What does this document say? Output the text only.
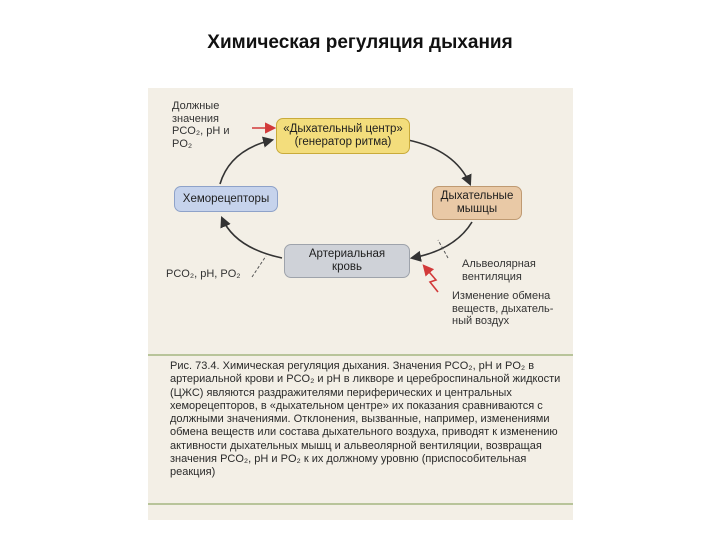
Химическая регуляция дыхания
«Дыхательный центр» (генератор ритма)
Хеморецепторы	Дыхательные мышцы
Артериальная кровь
Должные значения PCO₂, pH и PO₂
PCO₂, pH, PO₂
Альвеолярная вентиляция
Изменение обмена веществ, дыхатель- ный воздух
Рис. 73.4. Химическая регуляция дыхания. Значения PCO₂, pH и PO₂ в артериальной крови и PCO₂ и pH в ликворе и цереброспинальной жидкости (ЦЖС) являются раздражителями периферических и центральных хеморецепторов, в «дыхательном центре» их показания сравниваются с должными значениями. Отклонения, вызванные, например, изменениями обмена веществ или состава дыхательного воздуха, приводят к изменению активности дыхательных мышц и альвеолярной вентиляции, возвращая значения PCO₂, pH и PO₂ к их должному уровню (приспособительная реакция)
